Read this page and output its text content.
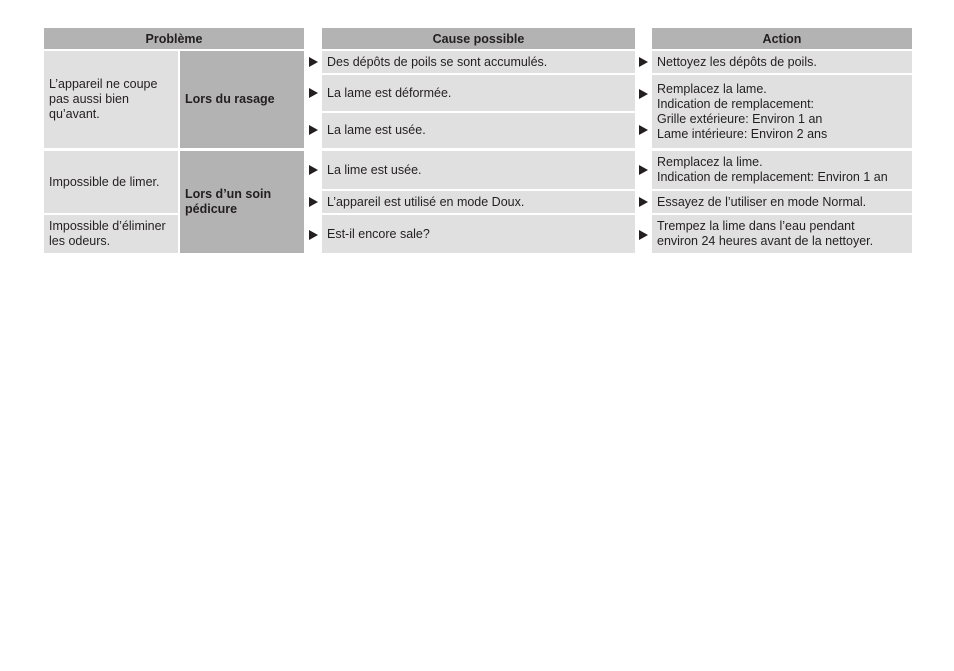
Problème	Cause possible	Action
L’appareil ne coupe
pas aussi bien
qu’avant.
Impossible de limer.
Impossible d’éliminer
les odeurs.
Lors du rasage
Lors d’un soin
pédicure
Des dépôts de poils se sont accumulés.
La lame est déformée.
La lame est usée.
La lime est usée.
L’appareil est utilisé en mode Doux.
Est-il encore sale?
Nettoyez les dépôts de poils.
Remplacez la lame.
Indication de remplacement:
Grille extérieure: Environ 1 an
Lame intérieure: Environ 2 ans
Remplacez la lime.
Indication de remplacement: Environ 1 an
Essayez de l’utiliser en mode Normal.
Trempez la lime dans l’eau pendant
environ 24 heures avant de la nettoyer.
